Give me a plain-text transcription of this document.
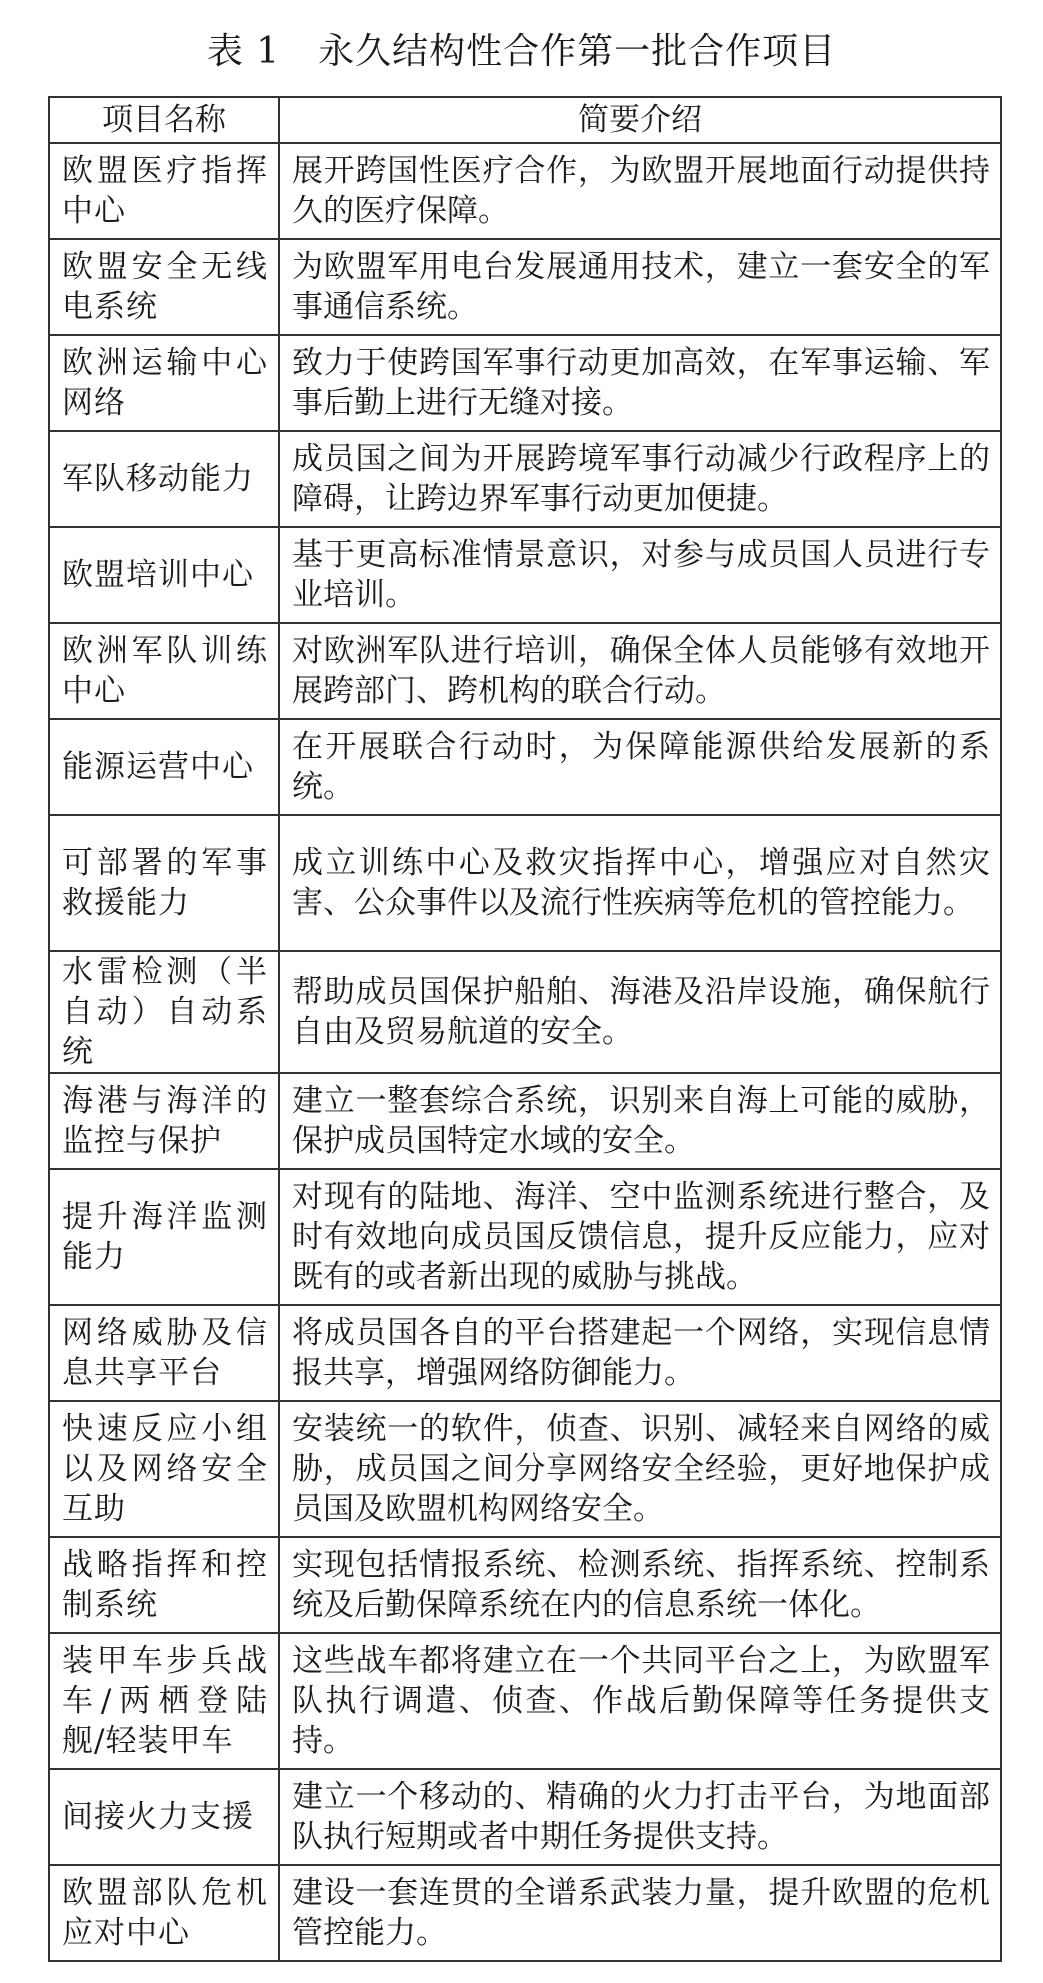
表 1 永久结构性合作第一批合作项目
项目名称	简要介绍
欧盟医疗指挥中心	展开跨国性医疗合作，为欧盟开展地面行动提供持久的医疗保障。
欧盟安全无线电系统	为欧盟军用电台发展通用技术，建立一套安全的军事通信系统。
欧洲运输中心网络	致力于使跨国军事行动更加高效，在军事运输、军事后勤上进行无缝对接。
军队移动能力	成员国之间为开展跨境军事行动减少行政程序上的障碍，让跨边界军事行动更加便捷。
欧盟培训中心	基于更高标准情景意识，对参与成员国人员进行专业培训。
欧洲军队训练中心	对欧洲军队进行培训，确保全体人员能够有效地开展跨部门、跨机构的联合行动。
能源运营中心	在开展联合行动时，为保障能源供给发展新的系统。
可部署的军事救援能力	成立训练中心及救灾指挥中心，增强应对自然灾害、公众事件以及流行性疾病等危机的管控能力。
水雷检测（半自动）自动系统	帮助成员国保护船舶、海港及沿岸设施，确保航行自由及贸易航道的安全。
海港与海洋的监控与保护	建立一整套综合系统，识别来自海上可能的威胁，保护成员国特定水域的安全。
提升海洋监测能力	对现有的陆地、海洋、空中监测系统进行整合，及时有效地向成员国反馈信息，提升反应能力，应对既有的或者新出现的威胁与挑战。
网络威胁及信息共享平台	将成员国各自的平台搭建起一个网络，实现信息情报共享，增强网络防御能力。
快速反应小组以及网络安全互助	安装统一的软件，侦查、识别、减轻来自网络的威胁，成员国之间分享网络安全经验，更好地保护成员国及欧盟机构网络安全。
战略指挥和控制系统	实现包括情报系统、检测系统、指挥系统、控制系统及后勤保障系统在内的信息系统一体化。
装甲车步兵战车/两栖登陆舰/轻装甲车	这些战车都将建立在一个共同平台之上，为欧盟军队执行调遣、侦查、作战后勤保障等任务提供支持。
间接火力支援	建立一个移动的、精确的火力打击平台，为地面部队执行短期或者中期任务提供支持。
欧盟部队危机应对中心	建设一套连贯的全谱系武装力量，提升欧盟的危机管控能力。
